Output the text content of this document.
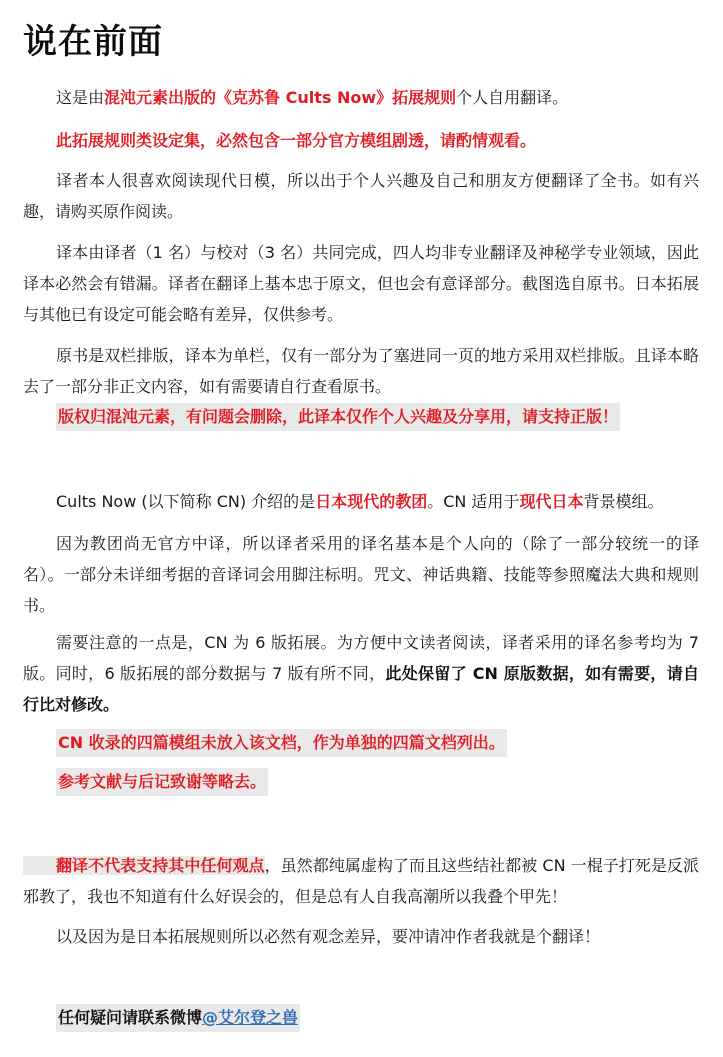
说在前面
这是由混沌元素出版的《克苏鲁 Cults Now》拓展规则个人自用翻译。
此拓展规则类设定集，必然包含一部分官方模组剧透，请酌情观看。
译者本人很喜欢阅读现代日模，所以出于个人兴趣及自己和朋友方便翻译了全书。如有兴趣，请购买原作阅读。
译本由译者（1 名）与校对（3 名）共同完成，四人均非专业翻译及神秘学专业领域，因此译本必然会有错漏。译者在翻译上基本忠于原文，但也会有意译部分。截图选自原书。日本拓展与其他已有设定可能会略有差异，仅供参考。
原书是双栏排版，译本为单栏，仅有一部分为了塞进同一页的地方采用双栏排版。且译本略去了一部分非正文内容，如有需要请自行查看原书。
版权归混沌元素，有问题会删除，此译本仅作个人兴趣及分享用，请支持正版！
Cults Now (以下简称 CN) 介绍的是日本现代的教团。CN 适用于现代日本背景模组。
因为教团尚无官方中译，所以译者采用的译名基本是个人向的（除了一部分较统一的译名）。一部分未详细考据的音译词会用脚注标明。咒文、神话典籍、技能等参照魔法大典和规则书。
需要注意的一点是，CN 为 6 版拓展。为方便中文读者阅读，译者采用的译名参考均为 7 版。同时，6 版拓展的部分数据与 7 版有所不同，此处保留了 CN 原版数据，如有需要，请自行比对修改。
CN 收录的四篇模组未放入该文档，作为单独的四篇文档列出。
参考文献与后记致谢等略去。
翻译不代表支持其中任何观点，虽然都纯属虚构了而且这些结社都被 CN 一棍子打死是反派邪教了，我也不知道有什么好误会的，但是总有人自我高潮所以我叠个甲先！
以及因为是日本拓展规则所以必然有观念差异，要冲请冲作者我就是个翻译！
任何疑问请联系微博@艾尔登之兽
